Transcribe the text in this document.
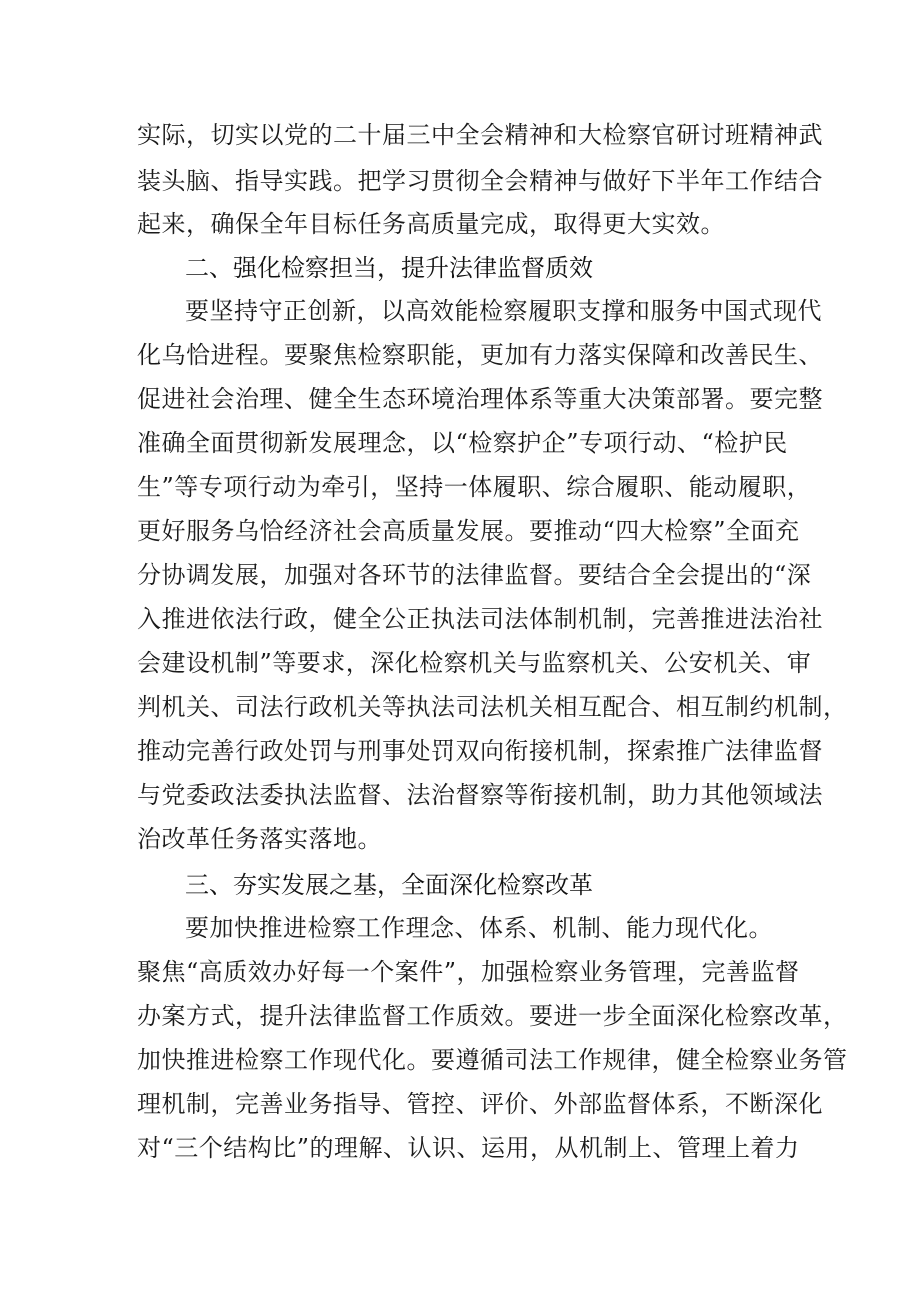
实际，切实以党的二十届三中全会精神和大检察官研讨班精神武
装头脑、指导实践。把学习贯彻全会精神与做好下半年工作结合
起来，确保全年目标任务高质量完成，取得更大实效。
二、强化检察担当，提升法律监督质效
要坚持守正创新，以高效能检察履职支撑和服务中国式现代
化乌恰进程。要聚焦检察职能，更加有力落实保障和改善民生、
促进社会治理、健全生态环境治理体系等重大决策部署。要完整
准确全面贯彻新发展理念，以“检察护企”专项行动、“检护民
生”等专项行动为牵引，坚持一体履职、综合履职、能动履职，
更好服务乌恰经济社会高质量发展。要推动“四大检察”全面充
分协调发展，加强对各环节的法律监督。要结合全会提出的“深
入推进依法行政，健全公正执法司法体制机制，完善推进法治社
会建设机制”等要求，深化检察机关与监察机关、公安机关、审
判机关、司法行政机关等执法司法机关相互配合、相互制约机制，
推动完善行政处罚与刑事处罚双向衔接机制，探索推广法律监督
与党委政法委执法监督、法治督察等衔接机制，助力其他领域法
治改革任务落实落地。
三、夯实发展之基，全面深化检察改革
要加快推进检察工作理念、体系、机制、能力现代化。
聚焦“高质效办好每一个案件”，加强检察业务管理，完善监督
办案方式，提升法律监督工作质效。要进一步全面深化检察改革，
加快推进检察工作现代化。要遵循司法工作规律，健全检察业务管
理机制，完善业务指导、管控、评价、外部监督体系，不断深化
对“三个结构比”的理解、认识、运用，从机制上、管理上着力
